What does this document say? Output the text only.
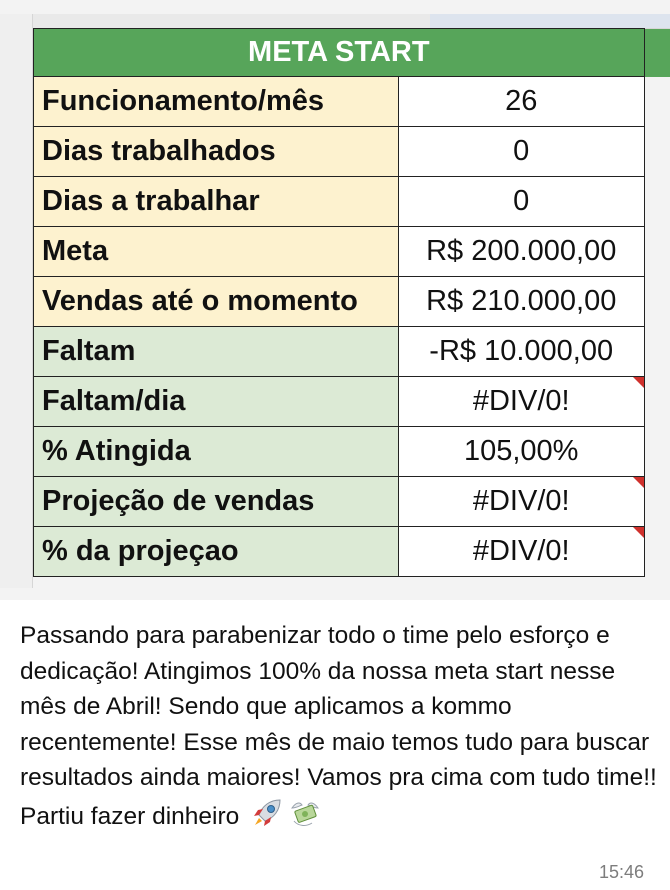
META START		
Funcionamento/mês	26	
Dias trabalhados	0	
Dias a trabalhar	0	
Meta	R$ 200.000,00	
Vendas até o momento	R$ 210.000,00	
Faltam	-R$ 10.000,00	
Faltam/dia	#DIV/0!

% Atingida	105,00%	
Projeção de vendas	#DIV/0!

% da projeçao	#DIV/0!

Passando para parabenizar todo o time pelo esforço e dedicação! Atingimos 100% da nossa meta start nesse mês de Abril! Sendo que aplicamos a kommo recentemente! Esse mês de maio temos tudo para buscar resultados ainda maiores! Vamos pra cima com tudo time!! Partiu fazer dinheiro

15:46
